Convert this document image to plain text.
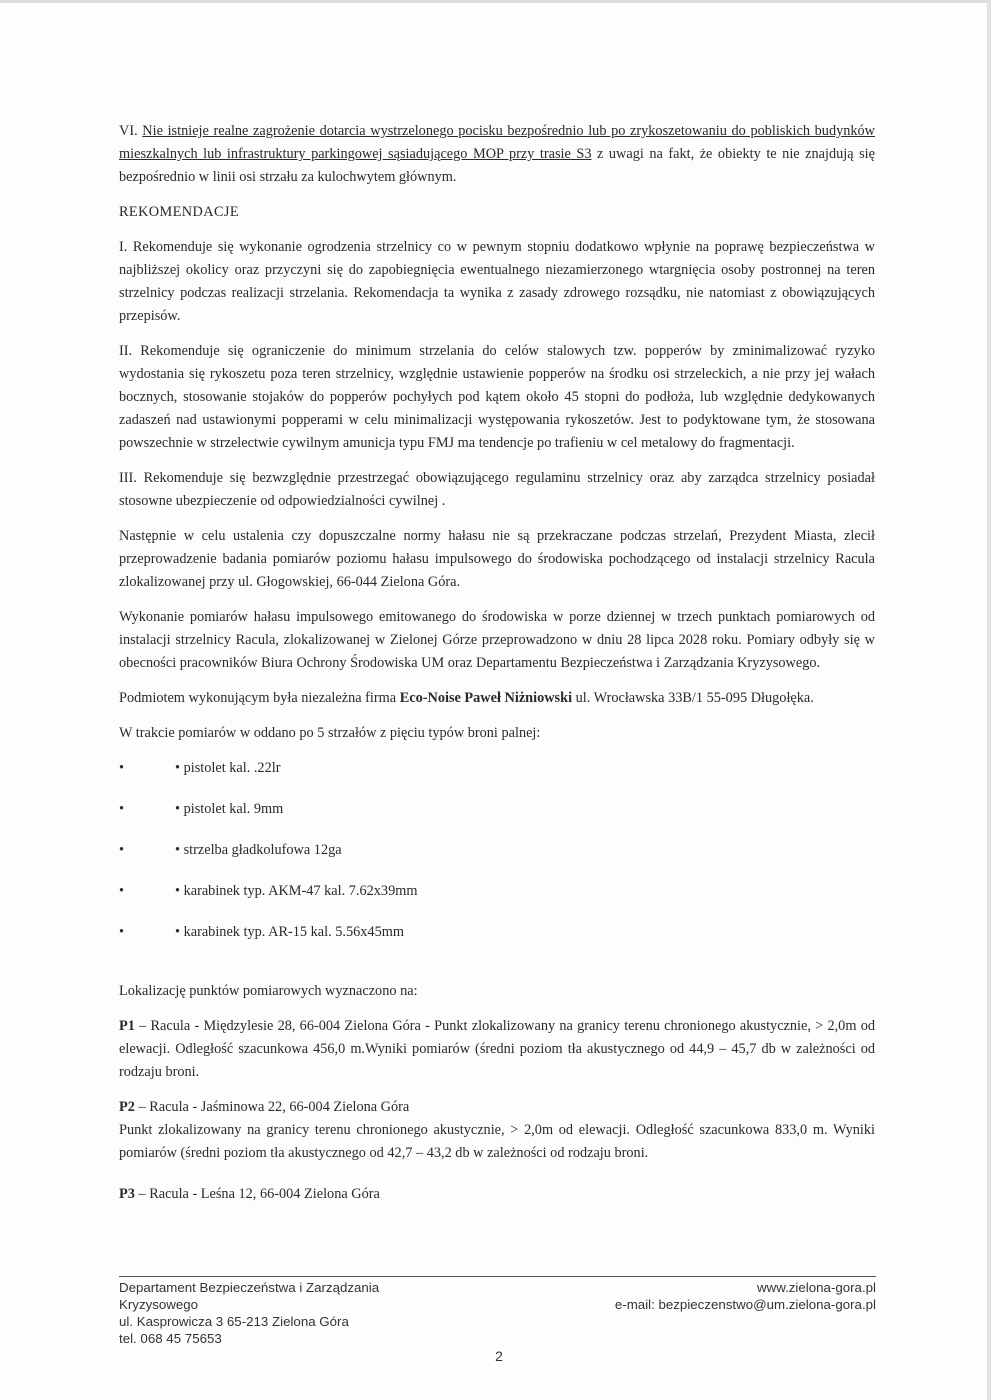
VI. Nie istnieje realne zagrożenie dotarcia wystrzelonego pocisku bezpośrednio lub po zrykoszetowaniu do pobliskich budynków mieszkalnych lub infrastruktury parkingowej sąsiadującego MOP przy trasie S3 z uwagi na fakt, że obiekty te nie znajdują się bezpośrednio w linii osi strzału za kulochwytem głównym.

REKOMENDACJE

I. Rekomenduje się wykonanie ogrodzenia strzelnicy co w pewnym stopniu dodatkowo wpłynie na poprawę bezpieczeństwa w najbliższej okolicy oraz przyczyni się do zapobiegnięcia ewentualnego niezamierzonego wtargnięcia osoby postronnej na teren strzelnicy podczas realizacji strzelania. Rekomendacja ta wynika z zasady zdrowego rozsądku, nie natomiast z obowiązujących przepisów.

II. Rekomenduje się ograniczenie do minimum strzelania do celów stalowych tzw. popperów by zminimalizować ryzyko wydostania się rykoszetu poza teren strzelnicy, względnie ustawienie popperów na środku osi strzeleckich, a nie przy jej wałach bocznych, stosowanie stojaków do popperów pochyłych pod kątem około 45 stopni do podłoża, lub względnie dedykowanych zadaszeń nad ustawionymi popperami w celu minimalizacji występowania rykoszetów. Jest to podyktowane tym, że stosowana powszechnie w strzelectwie cywilnym amunicja typu FMJ ma tendencje po trafieniu w cel metalowy do fragmentacji.

III. Rekomenduje się bezwzględnie przestrzegać obowiązującego regulaminu strzelnicy oraz aby zarządca strzelnicy posiadał stosowne ubezpieczenie od odpowiedzialności cywilnej .

Następnie w celu ustalenia czy dopuszczalne normy hałasu nie są przekraczane podczas strzelań, Prezydent Miasta, zlecił przeprowadzenie badania pomiarów poziomu hałasu impulsowego do środowiska pochodzącego od instalacji strzelnicy Racula zlokalizowanej przy ul. Głogowskiej, 66-044 Zielona Góra.

Wykonanie pomiarów hałasu impulsowego emitowanego do środowiska w porze dziennej w trzech punktach pomiarowych od instalacji strzelnicy Racula, zlokalizowanej w Zielonej Górze przeprowadzono w dniu 28 lipca 2028 roku. Pomiary odbyły się w obecności pracowników Biura Ochrony Środowiska UM oraz Departamentu Bezpieczeństwa i Zarządzania Kryzysowego.

Podmiotem wykonującym była niezależna firma Eco-Noise Paweł Niżniowski ul. Wrocławska 33B/1 55-095 Długołęka.

W trakcie pomiarów w oddano po 5 strzałów z pięciu typów broni palnej:

•	• pistolet kal. .22lr
•	• pistolet kal. 9mm
•	• strzelba gładkolufowa 12ga
•	• karabinek typ. AKM-47 kal. 7.62x39mm
•	• karabinek typ. AR-15 kal. 5.56x45mm

Lokalizację punktów pomiarowych wyznaczono na:

P1 – Racula - Międzylesie 28, 66-004 Zielona Góra - Punkt zlokalizowany na granicy terenu chronionego akustycznie, > 2,0m od elewacji. Odległość szacunkowa 456,0 m.Wyniki pomiarów (średni poziom tła akustycznego od 44,9 – 45,7 db w zależności od rodzaju broni.

P2 – Racula - Jaśminowa 22, 66-004 Zielona Góra
Punkt zlokalizowany na granicy terenu chronionego akustycznie, > 2,0m od elewacji. Odległość szacunkowa 833,0 m. Wyniki pomiarów (średni poziom tła akustycznego od 42,7 – 43,2 db w zależności od rodzaju broni.

P3 – Racula - Leśna 12, 66-004 Zielona Góra

Departament Bezpieczeństwa i Zarządzania
Kryzysowego
ul. Kasprowicza 3 65-213 Zielona Góra
tel. 068 45 75653
www.zielona-gora.pl
e-mail: bezpieczenstwo@um.zielona-gora.pl
2
